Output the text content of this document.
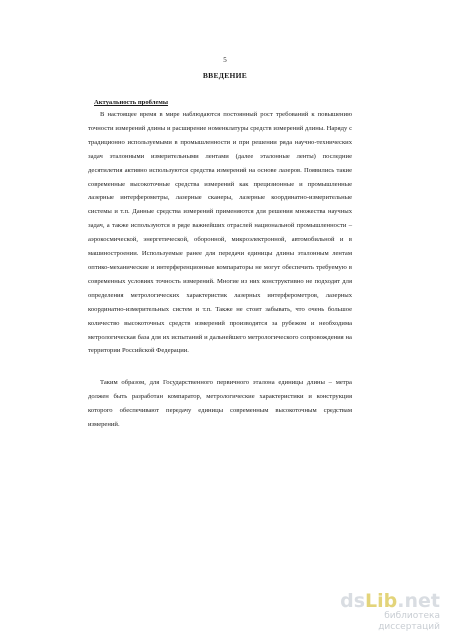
5
ВВЕДЕНИЕ
Актуальность проблемы
В настоящее время в мире наблюдаются постоянный рост требований к повышению точности измерений длины и расширение номенклатуры средств измерений длины. Наряду с традиционно используемыми в промышленности и при решении ряда научно-технических задач эталонными измерительными лентами (далее эталонные ленты) последние десятилетия активно используются средства измерений на основе лазеров. Появились такие современные высокоточные средства измерений как прецизионные и промышленные лазерные интерферометры, лазерные сканеры, лазерные координатно-измерительные системы и т.п. Данные средства измерений применяются для решения множества научных задач, а также используются в ряде важнейших отраслей национальной промышленности – аэрокосмической, энергетической, оборонной, микроэлектронной, автомобильной и в машиностроении. Используемые ранее для передачи единицы длины эталонным лентам оптико-механические и интерференционные компараторы не могут обеспечить требуемую в современных условиях точность измерений. Многие из них конструктивно не подходят для определения метрологических характеристик лазерных интерферометров, лазерных координатно-измерительных систем и т.п. Также не стоит забывать, что очень большое количество высокоточных средств измерений производятся за рубежом и необходима метрологическая база для их испытаний и дальнейшего метрологического сопровождения на территории Российской Федерации.
Таким образом, для Государственного первичного эталона единицы длины – метра должен быть разработан компаратор, метрологические характеристики и конструкция которого обеспечивают передачу единицы современным высокоточным средствам измерений.
dsLib.net
библиотека диссертаций
